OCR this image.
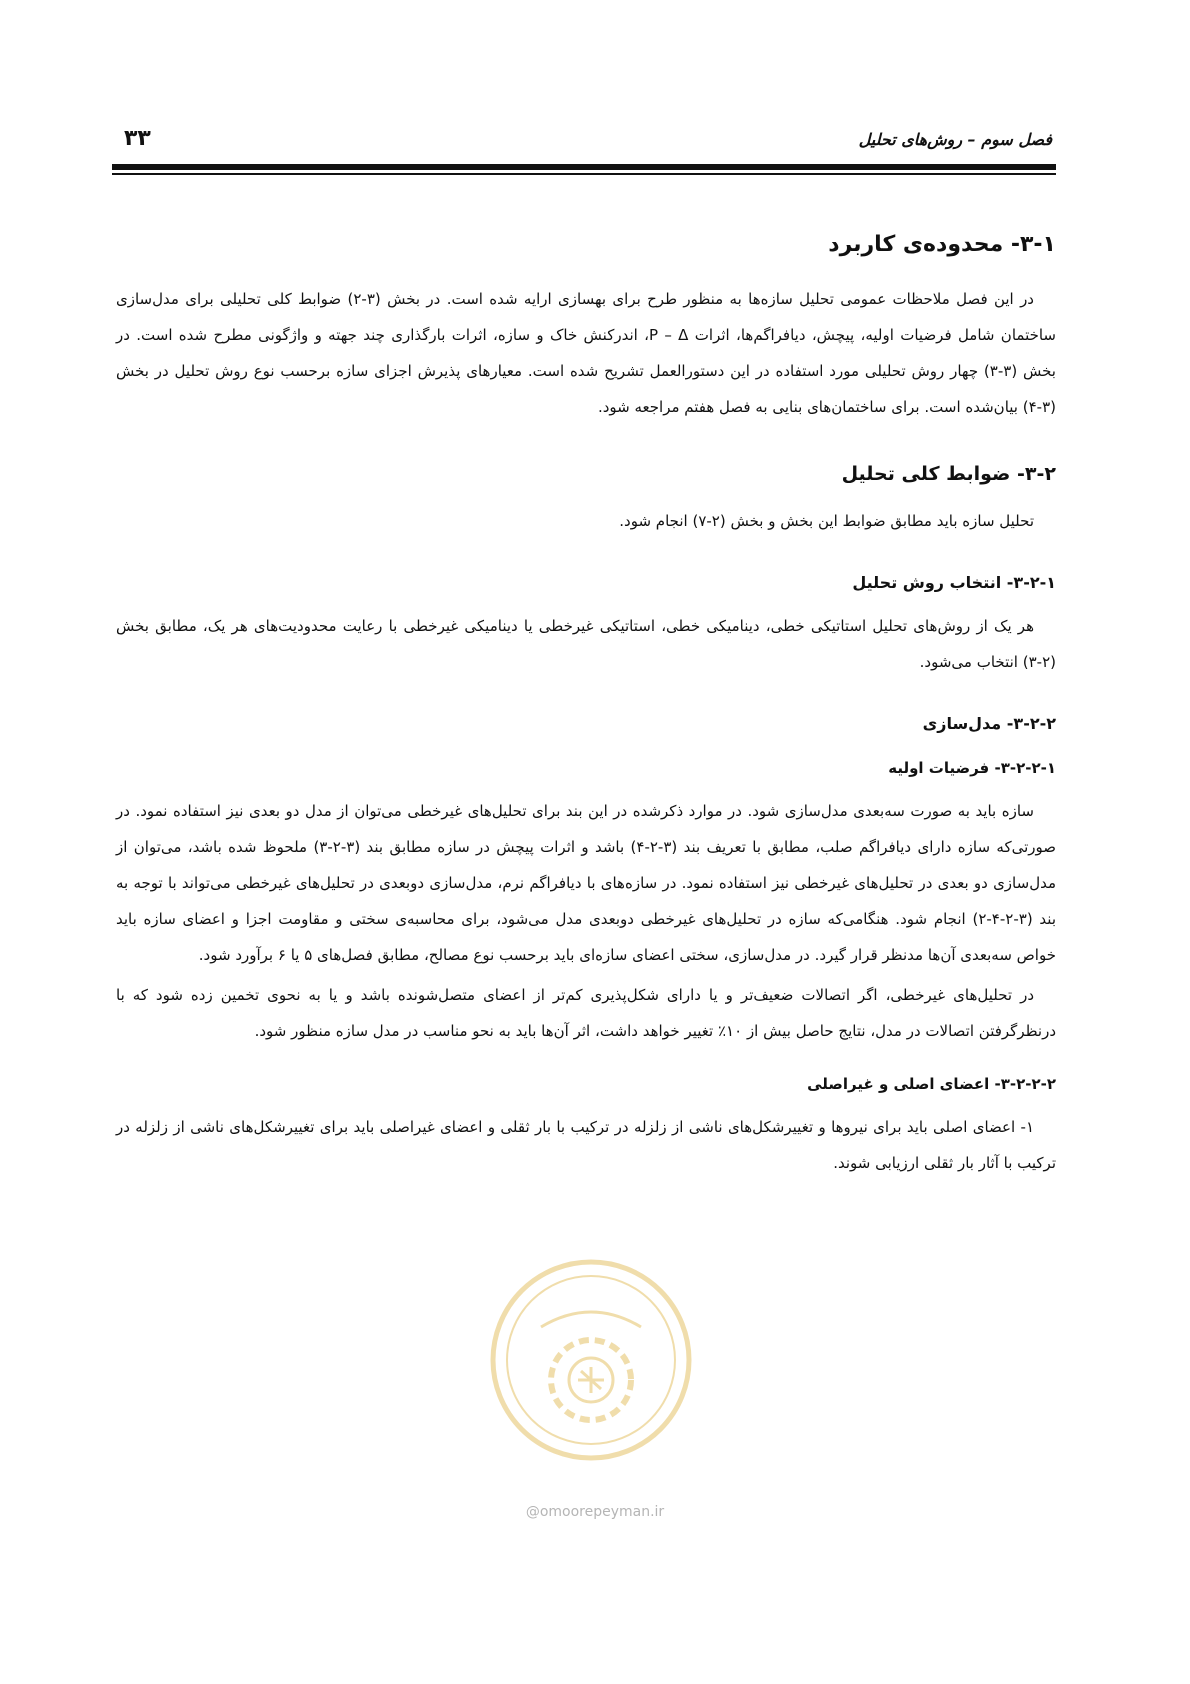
فصل سوم – روش‌های تحلیل
۳۳
۳-۱- محدوده‌ی کاربرد

در این فصل ملاحظات عمومی تحلیل سازه‌ها به منظور طرح برای بهسازی ارایه شده است. در بخش (۳-۲) ضوابط کلی تحلیلی برای مدل‌سازی ساختمان شامل فرضیات اولیه، پیچش، دیافراگم‌ها، اثرات P – Δ، اندرکنش خاک و سازه، اثرات بارگذاری چند جهته و واژگونی مطرح شده است. در بخش (۳-۳) چهار روش تحلیلی مورد استفاده در این دستورالعمل تشریح شده است. معیارهای پذیرش اجزای سازه برحسب نوع روش تحلیل در بخش (۳-۴) بیان‌شده است. برای ساختمان‌های بنایی به فصل هفتم مراجعه شود.

۳-۲- ضوابط کلی تحلیل

تحلیل سازه باید مطابق ضوابط این بخش و بخش (۲-۷) انجام شود.

۳-۲-۱- انتخاب روش تحلیل

هر یک از روش‌های تحلیل استاتیکی خطی، دینامیکی خطی، استاتیکی غیرخطی یا دینامیکی غیرخطی با رعایت محدودیت‌های هر یک، مطابق بخش (۲-۳) انتخاب می‌شود.

۳-۲-۲- مدل‌سازی
۳-۲-۲-۱- فرضیات اولیه

سازه باید به صورت سه‌بعدی مدل‌سازی شود. در موارد ذکرشده در این بند برای تحلیل‌های غیرخطی می‌توان از مدل دو بعدی نیز استفاده نمود. در صورتی‌که سازه دارای دیافراگم صلب، مطابق با تعریف بند (۳-۲-۴) باشد و اثرات پیچش در سازه مطابق بند (۳-۲-۳) ملحوظ شده باشد، می‌توان از مدل‌سازی دو بعدی در تحلیل‌های غیرخطی نیز استفاده نمود. در سازه‌های با دیافراگم نرم، مدل‌سازی دوبعدی در تحلیل‌های غیرخطی می‌تواند با توجه به بند (۳-۲-۴-۲) انجام شود. هنگامی‌که سازه در تحلیل‌های غیرخطی دوبعدی مدل می‌شود، برای محاسبه‌ی سختی و مقاومت اجزا و اعضای سازه باید خواص سه‌بعدی آن‌ها مدنظر قرار گیرد. در مدل‌سازی، سختی اعضای سازه‌ای باید برحسب نوع مصالح، مطابق فصل‌های ۵ یا ۶ برآورد شود.

در تحلیل‌های غیرخطی، اگر اتصالات ضعیف‌تر و یا دارای شکل‌پذیری کم‌تر از اعضای متصل‌شونده باشد و یا به نحوی تخمین زده شود که با درنظرگرفتن اتصالات در مدل، نتایج حاصل بیش از ۱۰٪ تغییر خواهد داشت، اثر آن‌ها باید به نحو مناسب در مدل سازه منظور شود.

۳-۲-۲-۲- اعضای اصلی و غیراصلی

۱- اعضای اصلی باید برای نیروها و تغییرشکل‌های ناشی از زلزله در ترکیب با بار ثقلی و اعضای غیراصلی باید برای تغییرشکل‌های ناشی از زلزله در ترکیب با آثار بار ثقلی ارزیابی شوند.

@omoorepeyman.ir
